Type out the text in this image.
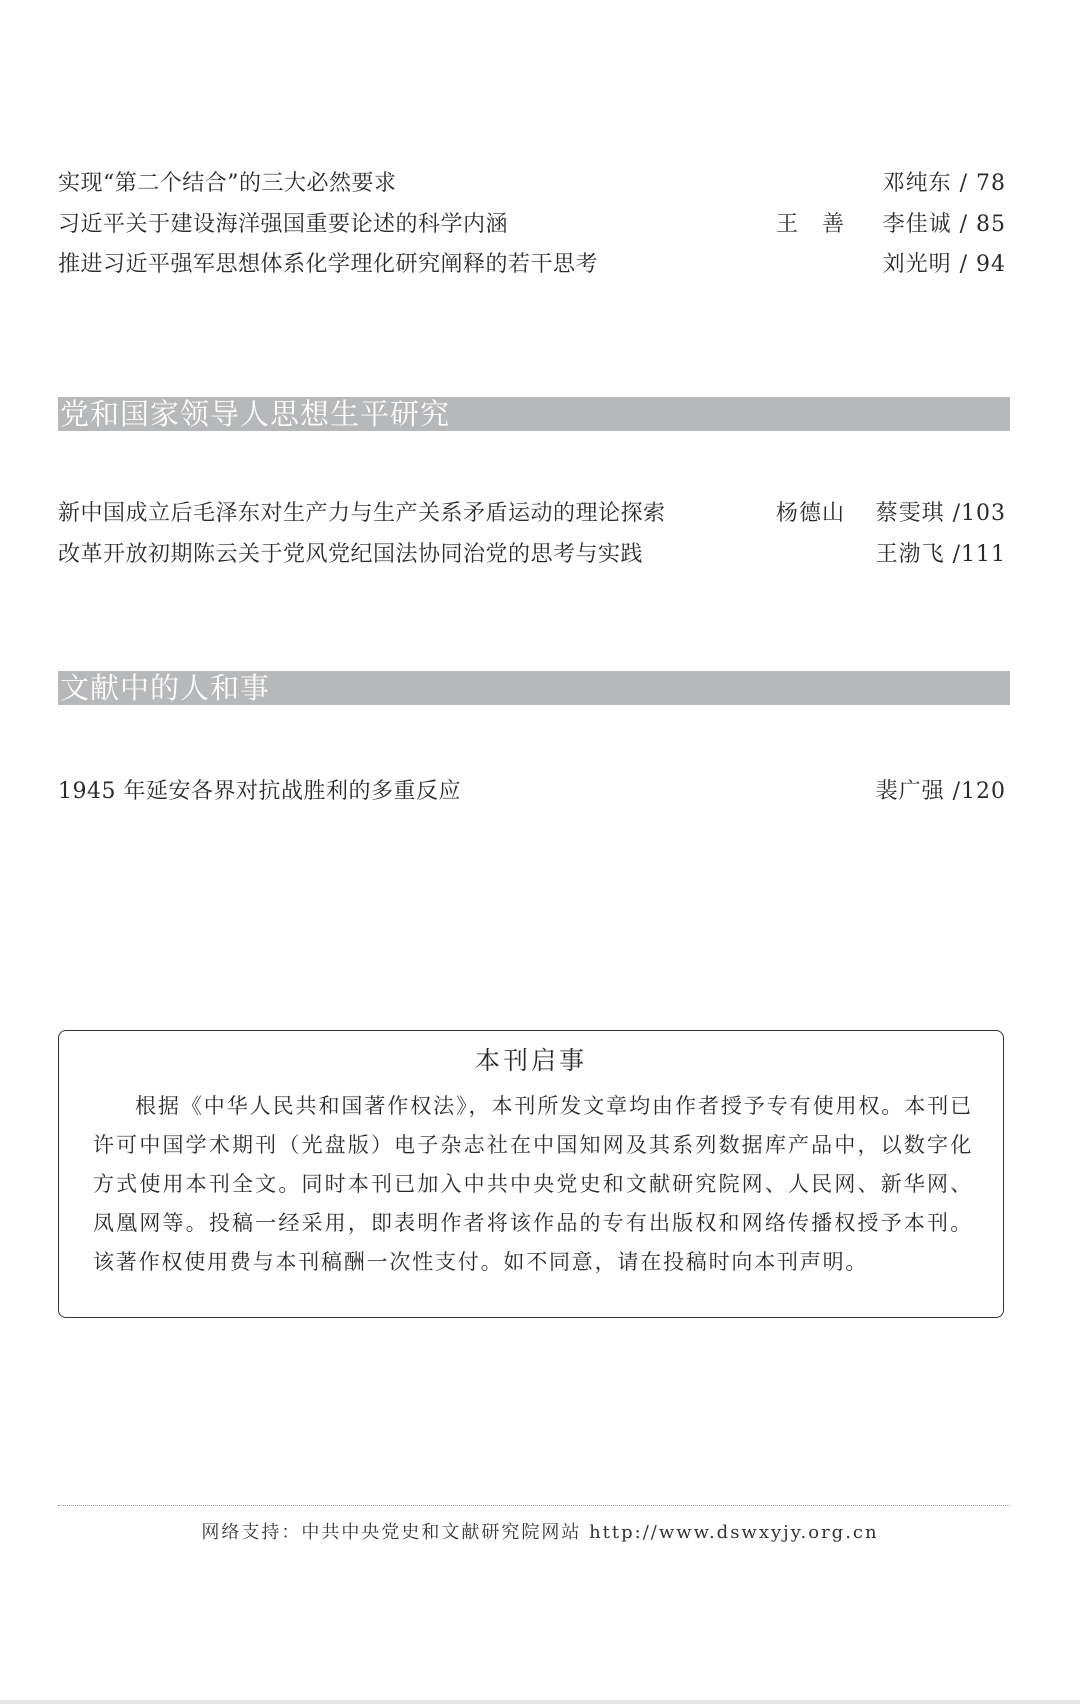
实现“第二个结合”的三大必然要求	邓纯东 / 78
习近平关于建设海洋强国重要论述的科学内涵	王　善 李佳诚 / 85
推进习近平强军思想体系化学理化研究阐释的若干思考	刘光明 / 94
党和国家领导人思想生平研究
新中国成立后毛泽东对生产力与生产关系矛盾运动的理论探索	杨德山 蔡雯琪 /103
改革开放初期陈云关于党风党纪国法协同治党的思考与实践	王渤飞 /111
文献中的人和事
1945 年延安各界对抗战胜利的多重反应	裴广强 /120
本刊启事
根据《中华人民共和国著作权法》，本刊所发文章均由作者授予专有使用权。本刊已许可中国学术期刊（光盘版）电子杂志社在中国知网及其系列数据库产品中，以数字化方式使用本刊全文。同时本刊已加入中共中央党史和文献研究院网、人民网、新华网、凤凰网等。投稿一经采用，即表明作者将该作品的专有出版权和网络传播权授予本刊。该著作权使用费与本刊稿酬一次性支付。如不同意，请在投稿时向本刊声明。
网络支持：中共中央党史和文献研究院网站 http://www.dswxyjy.org.cn
